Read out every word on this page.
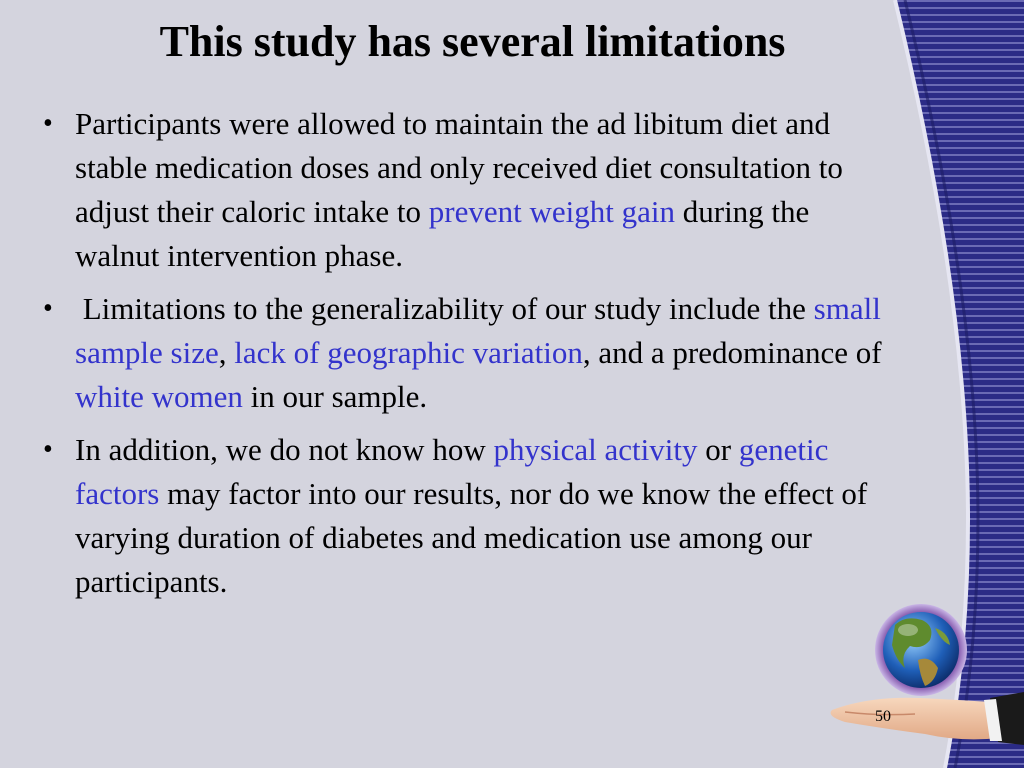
This study has several limitations
• Participants were allowed to maintain the ad libitum diet and stable medication doses and only received diet consultation to adjust their caloric intake to prevent weight gain during the walnut intervention phase.
• Limitations to the generalizability of our study include the small sample size, lack of geographic variation, and a predominance of white women in our sample.
• In addition, we do not know how physical activity or genetic factors may factor into our results, nor do we know the effect of varying duration of diabetes and medication use among our participants.
50
